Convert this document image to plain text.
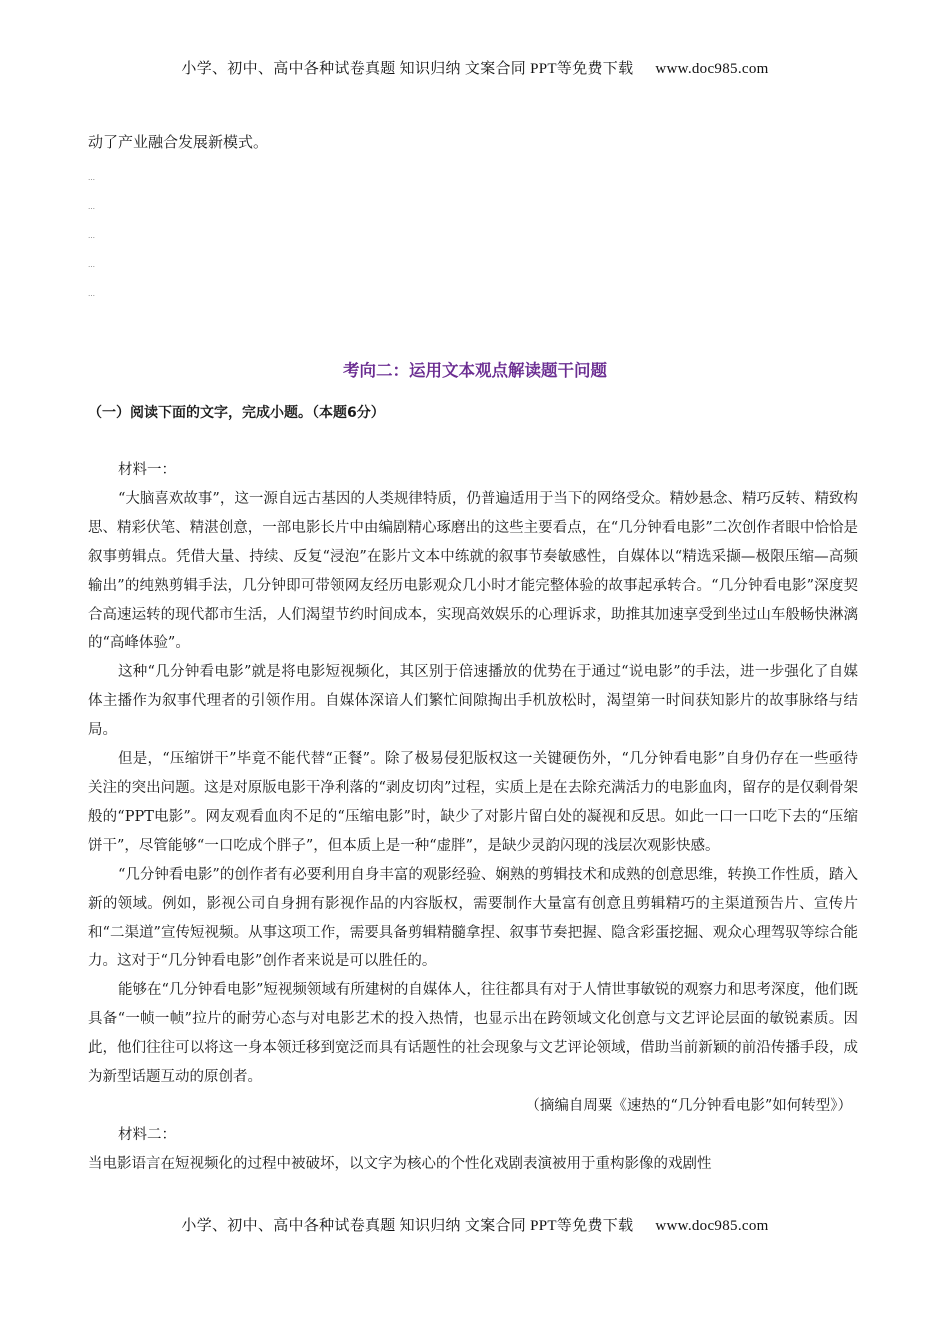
小学、初中、高中各种试卷真题 知识归纳 文案合同 PPT等免费下载 www.doc985.com
动了产业融合发展新模式。
…
…
…
…
…
考向二：运用文本观点解读题干问题
（一）阅读下面的文字，完成小题。（本题6分）

材料一：

“大脑喜欢故事”，这一源自远古基因的人类规律特质，仍普遍适用于当下的网络受众。精妙悬念、精巧反转、精致构思、精彩伏笔、精湛创意，一部电影长片中由编剧精心琢磨出的这些主要看点，在“几分钟看电影”二次创作者眼中恰恰是叙事剪辑点。凭借大量、持续、反复“浸泡”在影片文本中练就的叙事节奏敏感性，自媒体以“精选采撷—极限压缩—高频输出”的纯熟剪辑手法，几分钟即可带领网友经历电影观众几小时才能完整体验的故事起承转合。“几分钟看电影”深度契合高速运转的现代都市生活，人们渴望节约时间成本，实现高效娱乐的心理诉求，助推其加速享受到坐过山车般畅快淋漓的“高峰体验”。

这种“几分钟看电影”就是将电影短视频化，其区别于倍速播放的优势在于通过“说电影”的手法，进一步强化了自媒体主播作为叙事代理者的引领作用。自媒体深谙人们繁忙间隙掏出手机放松时，渴望第一时间获知影片的故事脉络与结局。

但是，“压缩饼干”毕竟不能代替“正餐”。除了极易侵犯版权这一关键硬伤外，“几分钟看电影”自身仍存在一些亟待关注的突出问题。这是对原版电影干净利落的“剥皮切肉”过程，实质上是在去除充满活力的电影血肉，留存的是仅剩骨架般的“PPT电影”。网友观看血肉不足的“压缩电影”时，缺少了对影片留白处的凝视和反思。如此一口一口吃下去的“压缩饼干”，尽管能够“一口吃成个胖子”，但本质上是一种“虚胖”，是缺少灵韵闪现的浅层次观影快感。

“几分钟看电影”的创作者有必要利用自身丰富的观影经验、娴熟的剪辑技术和成熟的创意思维，转换工作性质，踏入新的领域。例如，影视公司自身拥有影视作品的内容版权，需要制作大量富有创意且剪辑精巧的主渠道预告片、宣传片和“二渠道”宣传短视频。从事这项工作，需要具备剪辑精髓拿捏、叙事节奏把握、隐含彩蛋挖掘、观众心理驾驭等综合能力。这对于“几分钟看电影”创作者来说是可以胜任的。

能够在“几分钟看电影”短视频领域有所建树的自媒体人，往往都具有对于人情世事敏锐的观察力和思考深度，他们既具备“一帧一帧”拉片的耐劳心态与对电影艺术的投入热情，也显示出在跨领域文化创意与文艺评论层面的敏锐素质。因此，他们往往可以将这一身本领迁移到宽泛而具有话题性的社会现象与文艺评论领域，借助当前新颖的前沿传播手段，成为新型话题互动的原创者。

（摘编自周粟《速热的“几分钟看电影”如何转型》）

材料二：

当电影语言在短视频化的过程中被破坏，以文字为核心的个性化戏剧表演被用于重构影像的戏剧性

小学、初中、高中各种试卷真题 知识归纳 文案合同 PPT等免费下载 www.doc985.com
